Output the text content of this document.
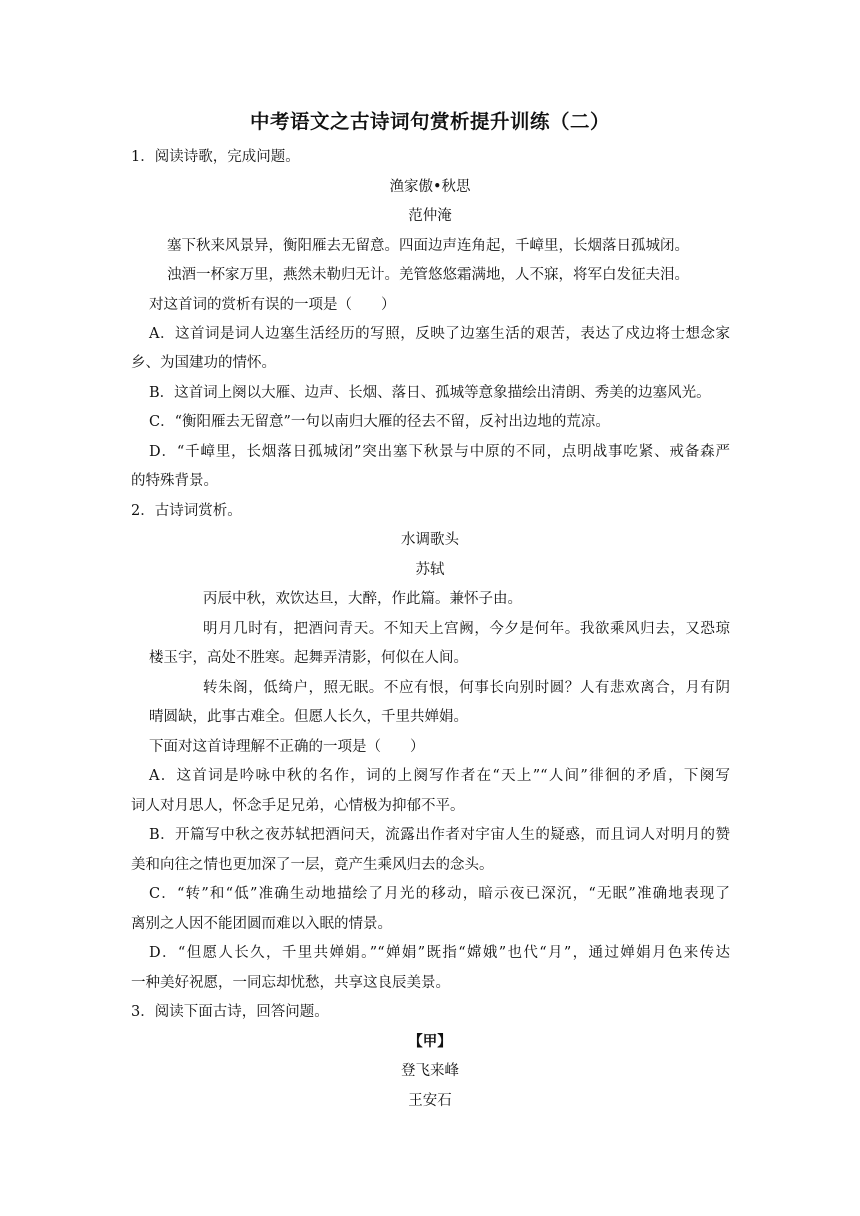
中考语文之古诗词句赏析提升训练（二）
1．阅读诗歌，完成问题。
渔家傲•秋思
范仲淹
塞下秋来风景异，衡阳雁去无留意。四面边声连角起，千嶂里，长烟落日孤城闭。
浊酒一杯家万里，燕然未勒归无计。羌管悠悠霜满地，人不寐，将军白发征夫泪。
对这首词的赏析有误的一项是（　　）
A．这首词是词人边塞生活经历的写照，反映了边塞生活的艰苦，表达了戍边将士想念家
乡、为国建功的情怀。
B．这首词上阕以大雁、边声、长烟、落日、孤城等意象描绘出清朗、秀美的边塞风光。
C．“衡阳雁去无留意”一句以南归大雁的径去不留，反衬出边地的荒凉。
D．“千嶂里，长烟落日孤城闭”突出塞下秋景与中原的不同，点明战事吃紧、戒备森严
的特殊背景。
2．古诗词赏析。
水调歌头
苏轼
丙辰中秋，欢饮达旦，大醉，作此篇。兼怀子由。
明月几时有，把酒问青天。不知天上宫阙，今夕是何年。我欲乘风归去，又恐琼
楼玉宇，高处不胜寒。起舞弄清影，何似在人间。
转朱阁，低绮户，照无眠。不应有恨，何事长向别时圆？人有悲欢离合，月有阴
晴圆缺，此事古难全。但愿人长久，千里共婵娟。
下面对这首诗理解不正确的一项是（　　）
A．这首词是吟咏中秋的名作，词的上阕写作者在“天上”“人间”徘徊的矛盾，下阕写
词人对月思人，怀念手足兄弟，心情极为抑郁不平。
B．开篇写中秋之夜苏轼把酒问天，流露出作者对宇宙人生的疑惑，而且词人对明月的赞
美和向往之情也更加深了一层，竟产生乘风归去的念头。
C．“转”和“低”准确生动地描绘了月光的移动，暗示夜已深沉，“无眠”准确地表现了
离别之人因不能团圆而难以入眠的情景。
D．“但愿人长久，千里共婵娟。”“婵娟”既指“嫦娥”也代“月”，通过婵娟月色来传达
一种美好祝愿，一同忘却忧愁，共享这良辰美景。
3．阅读下面古诗，回答问题。
【甲】
登飞来峰
王安石
